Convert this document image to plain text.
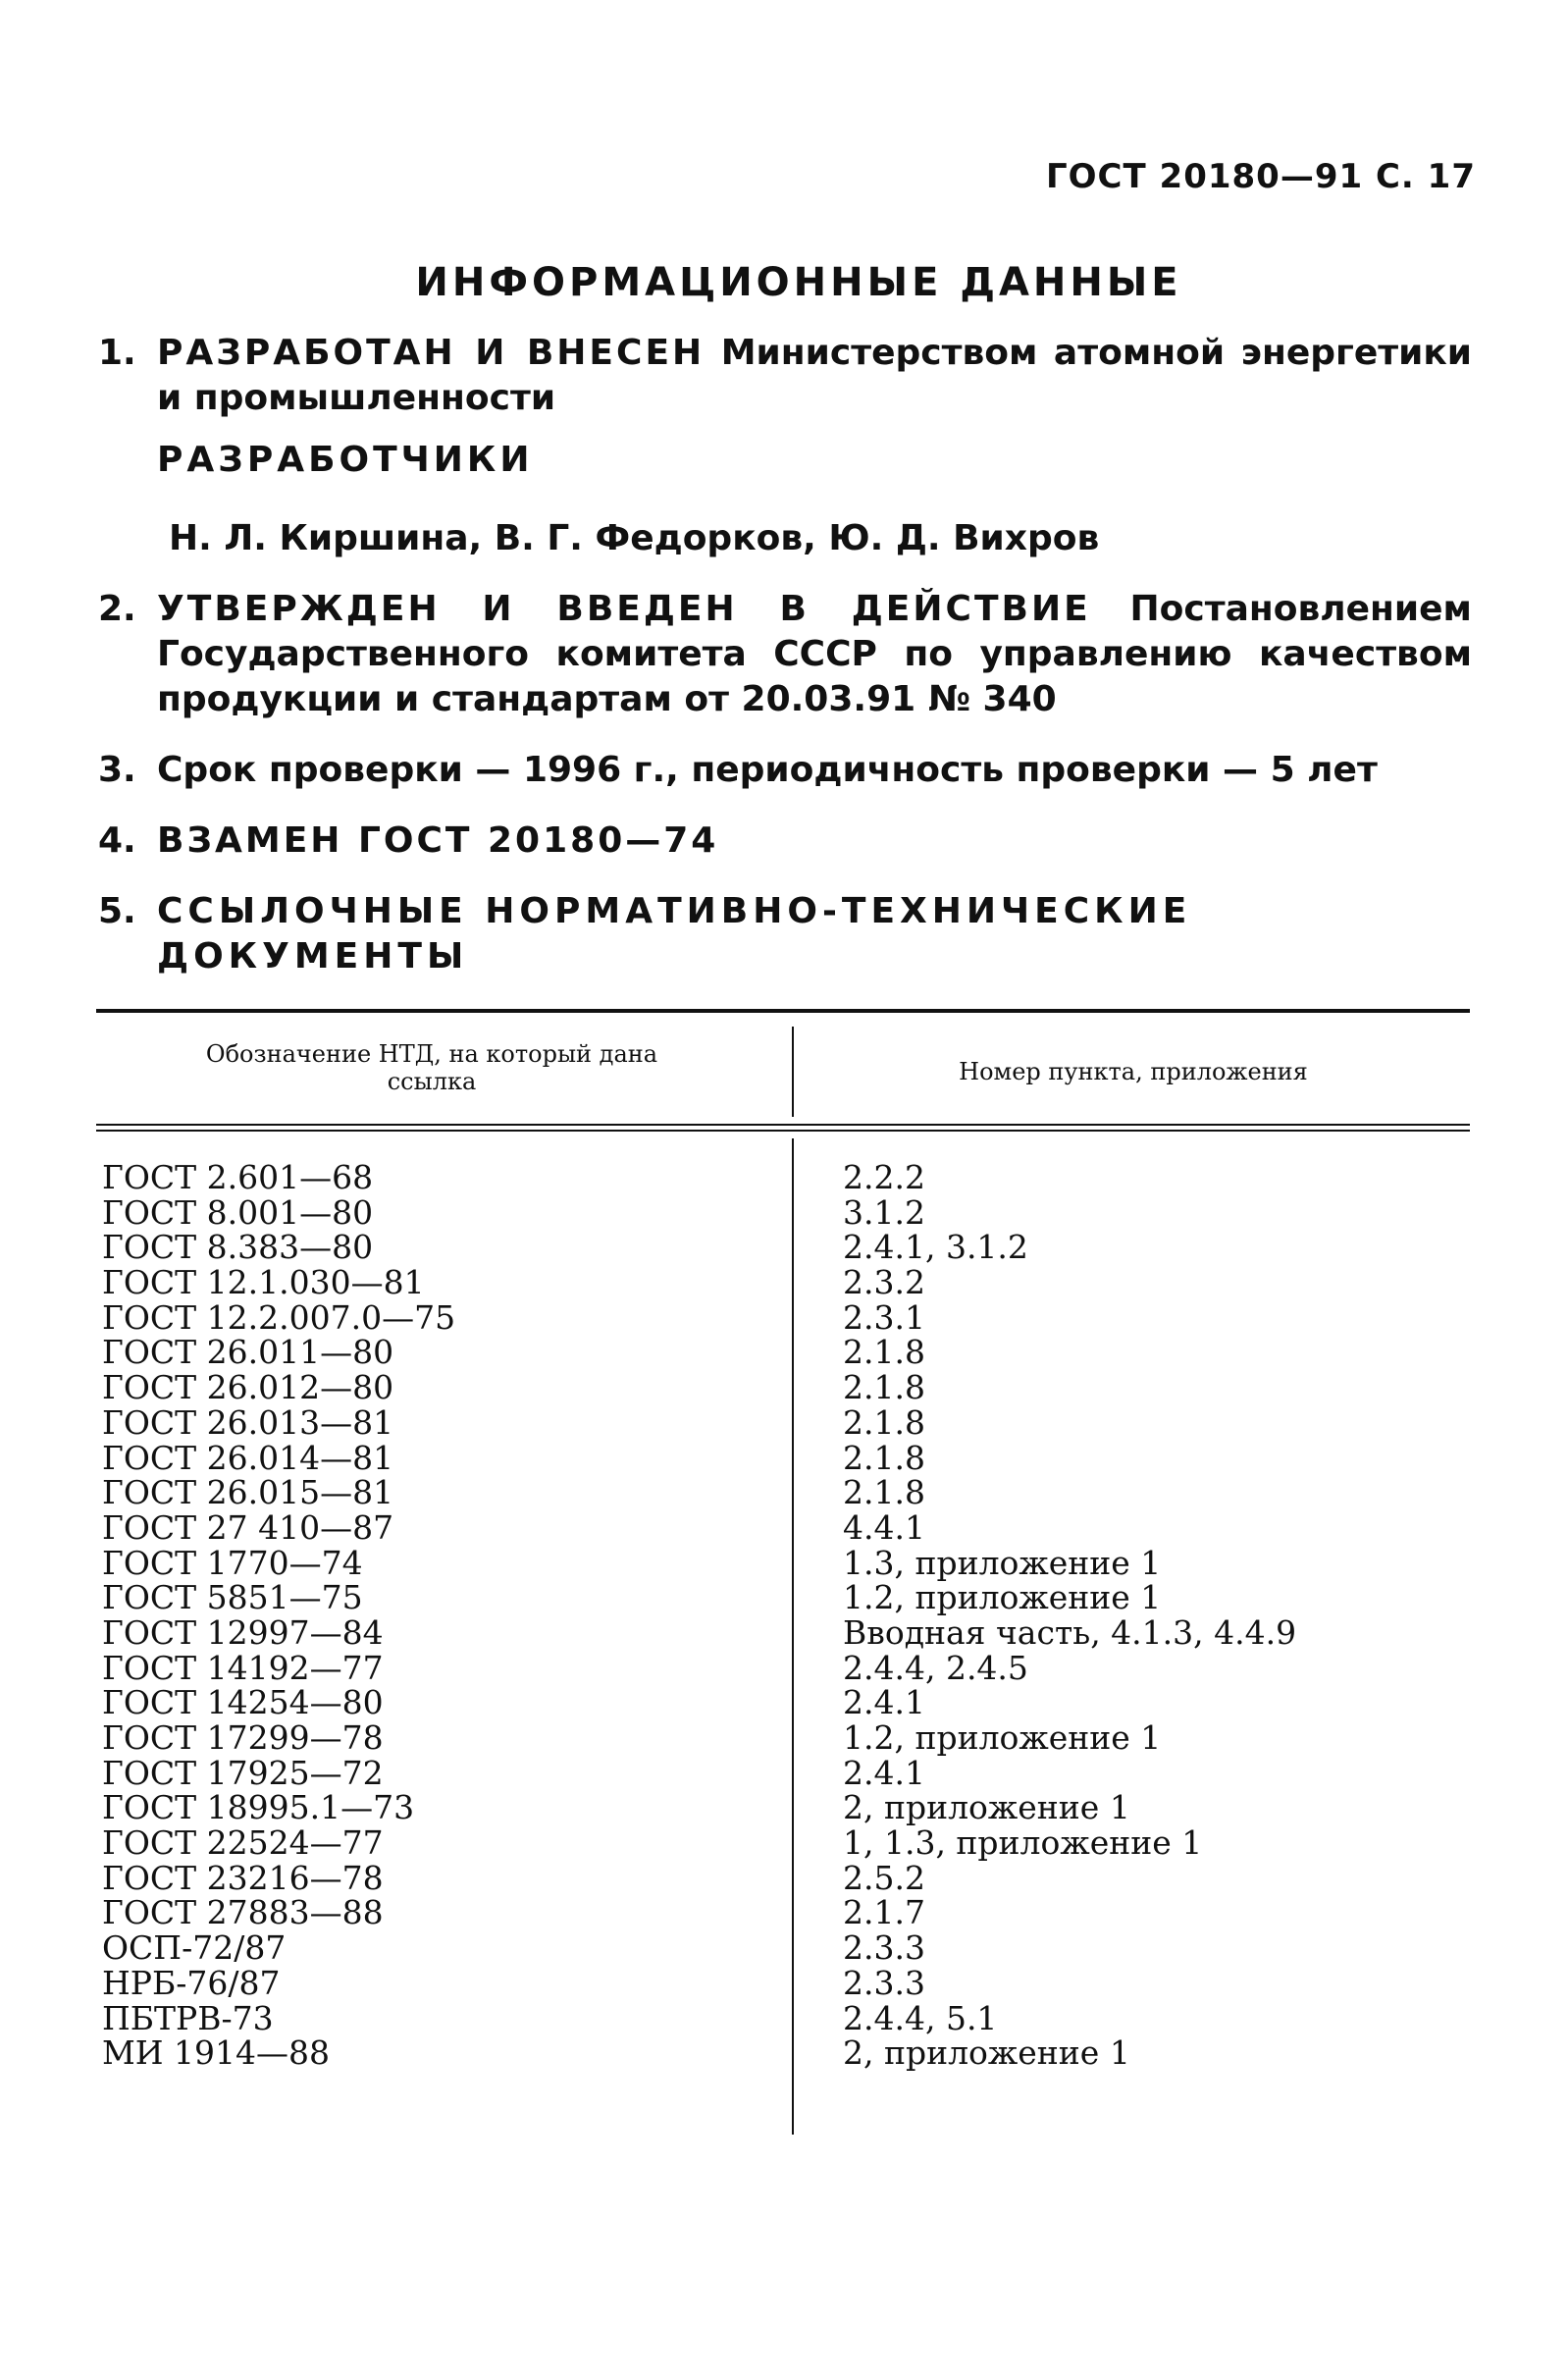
ГОСТ 20180—91 С. 17
ИНФОРМАЦИОННЫЕ ДАННЫЕ
1. РАЗРАБОТАН И ВНЕСЕН Министерством атомной энергетики и промышленности
РАЗРАБОТЧИКИ
Н. Л. Киршина, В. Г. Федорков, Ю. Д. Вихров
2. УТВЕРЖДЕН И ВВЕДЕН В ДЕЙСТВИЕ Постановлением Государственного комитета СССР по управлению качеством продукции и стандартам от 20.03.91 № 340
3. Срок проверки — 1996 г., периодичность проверки — 5 лет
4. ВЗАМЕН ГОСТ 20180—74
5. ССЫЛОЧНЫЕ НОРМАТИВНО-ТЕХНИЧЕСКИЕ ДОКУМЕНТЫ
Обозначение НТД, на который дана ссылка	Номер пункта, приложения
ГОСТ 2.601—68	2.2.2
ГОСТ 8.001—80	3.1.2
ГОСТ 8.383—80	2.4.1, 3.1.2
ГОСТ 12.1.030—81	2.3.2
ГОСТ 12.2.007.0—75	2.3.1
ГОСТ 26.011—80	2.1.8
ГОСТ 26.012—80	2.1.8
ГОСТ 26.013—81	2.1.8
ГОСТ 26.014—81	2.1.8
ГОСТ 26.015—81	2.1.8
ГОСТ 27 410—87	4.4.1
ГОСТ 1770—74	1.3, приложение 1
ГОСТ 5851—75	1.2, приложение 1
ГОСТ 12997—84	Вводная часть, 4.1.3, 4.4.9
ГОСТ 14192—77	2.4.4, 2.4.5
ГОСТ 14254—80	2.4.1
ГОСТ 17299—78	1.2, приложение 1
ГОСТ 17925—72	2.4.1
ГОСТ 18995.1—73	2, приложение 1
ГОСТ 22524—77	1, 1.3, приложение 1
ГОСТ 23216—78	2.5.2
ГОСТ 27883—88	2.1.7
ОСП-72/87	2.3.3
НРБ-76/87	2.3.3
ПБТРВ-73	2.4.4, 5.1
МИ 1914—88	2, приложение 1
